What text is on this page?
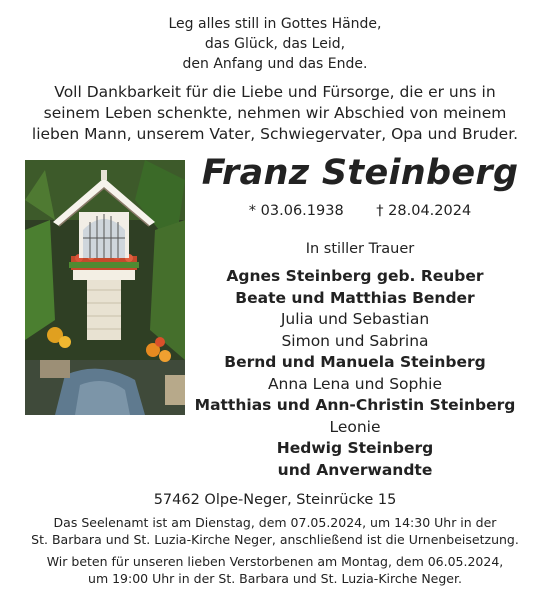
Leg alles still in Gottes Hände,
das Glück, das Leid,
den Anfang und das Ende.
Voll Dankbarkeit für die Liebe und Fürsorge, die er uns in
seinem Leben schenkte, nehmen wir Abschied von meinem
lieben Mann, unserem Vater, Schwiegervater, Opa und Bruder.
Franz Steinberg
* 03.06.1938 † 28.04.2024
In stiller Trauer
Agnes Steinberg geb. Reuber
Beate und Matthias Bender
Julia und Sebastian
Simon und Sabrina
Bernd und Manuela Steinberg
Anna Lena und Sophie
Matthias und Ann-Christin Steinberg
Leonie
Hedwig Steinberg
und Anverwandte
57462 Olpe-Neger, Steinrücke 15
Das Seelenamt ist am Dienstag, dem 07.05.2024, um 14:30 Uhr in der
St. Barbara und St. Luzia-Kirche Neger, anschließend ist die Urnenbeisetzung.
Wir beten für unseren lieben Verstorbenen am Montag, dem 06.05.2024,
um 19:00 Uhr in der St. Barbara und St. Luzia-Kirche Neger.
